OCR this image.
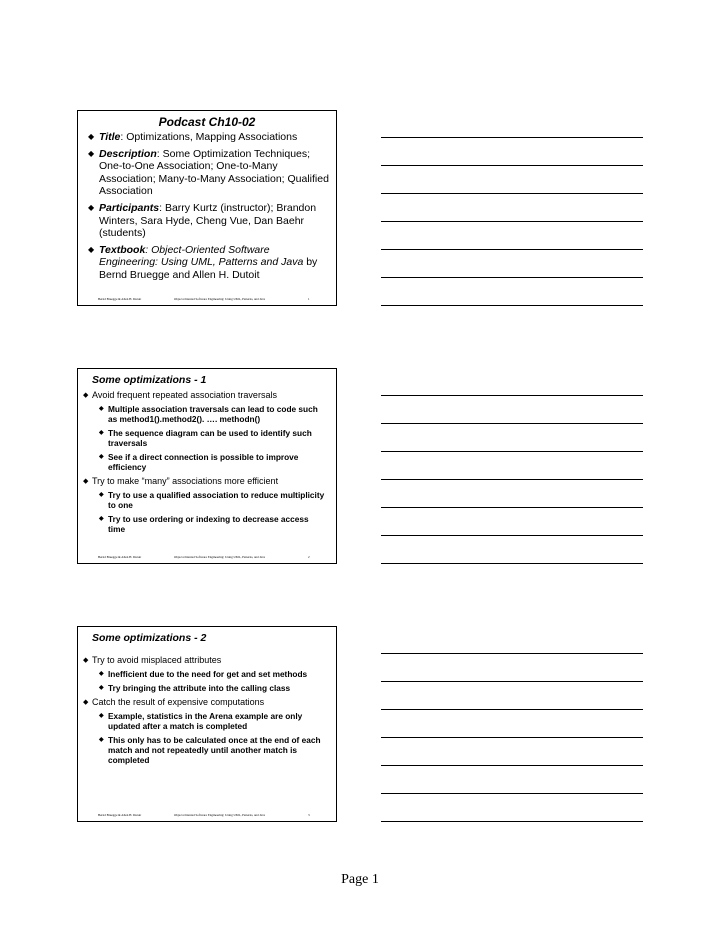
Podcast Ch10-02
◆ Title: Optimizations, Mapping Associations
◆ Description: Some Optimization Techniques; One-to-One Association; One-to-Many Association; Many-to-Many Association; Qualified Association
◆ Participants: Barry Kurtz (instructor); Brandon Winters, Sara Hyde, Cheng Vue, Dan Baehr (students)
◆ Textbook: Object-Oriented Software Engineering: Using UML, Patterns and Java by Bernd Bruegge and Allen H. Dutoit
Bernd Bruegge & Allen H. Dutoit	Object-Oriented Software Engineering: Using UML, Patterns, and Java	1
Some optimizations - 1
◆ Avoid frequent repeated association traversals
◆ Multiple association traversals can lead to code such as method1().method2(). …. methodn()
◆ The sequence diagram can be used to identify such traversals
◆ See if a direct connection is possible to improve efficiency
◆ Try to make “many” associations more efficient
◆ Try to use a qualified association to reduce multiplicity to one
◆ Try to use ordering or indexing to decrease access time
Bernd Bruegge & Allen H. Dutoit	Object-Oriented Software Engineering: Using UML, Patterns, and Java	2
Some optimizations - 2
◆ Try to avoid misplaced attributes
◆ Inefficient due to the need for get and set methods
◆ Try bringing the attribute into the calling class
◆ Catch the result of expensive computations
◆ Example, statistics in the Arena example are only updated after a match is completed
◆ This only has to be calculated once at the end of each match and not repeatedly until another match is completed
Bernd Bruegge & Allen H. Dutoit	Object-Oriented Software Engineering: Using UML, Patterns, and Java	3
Page 1
